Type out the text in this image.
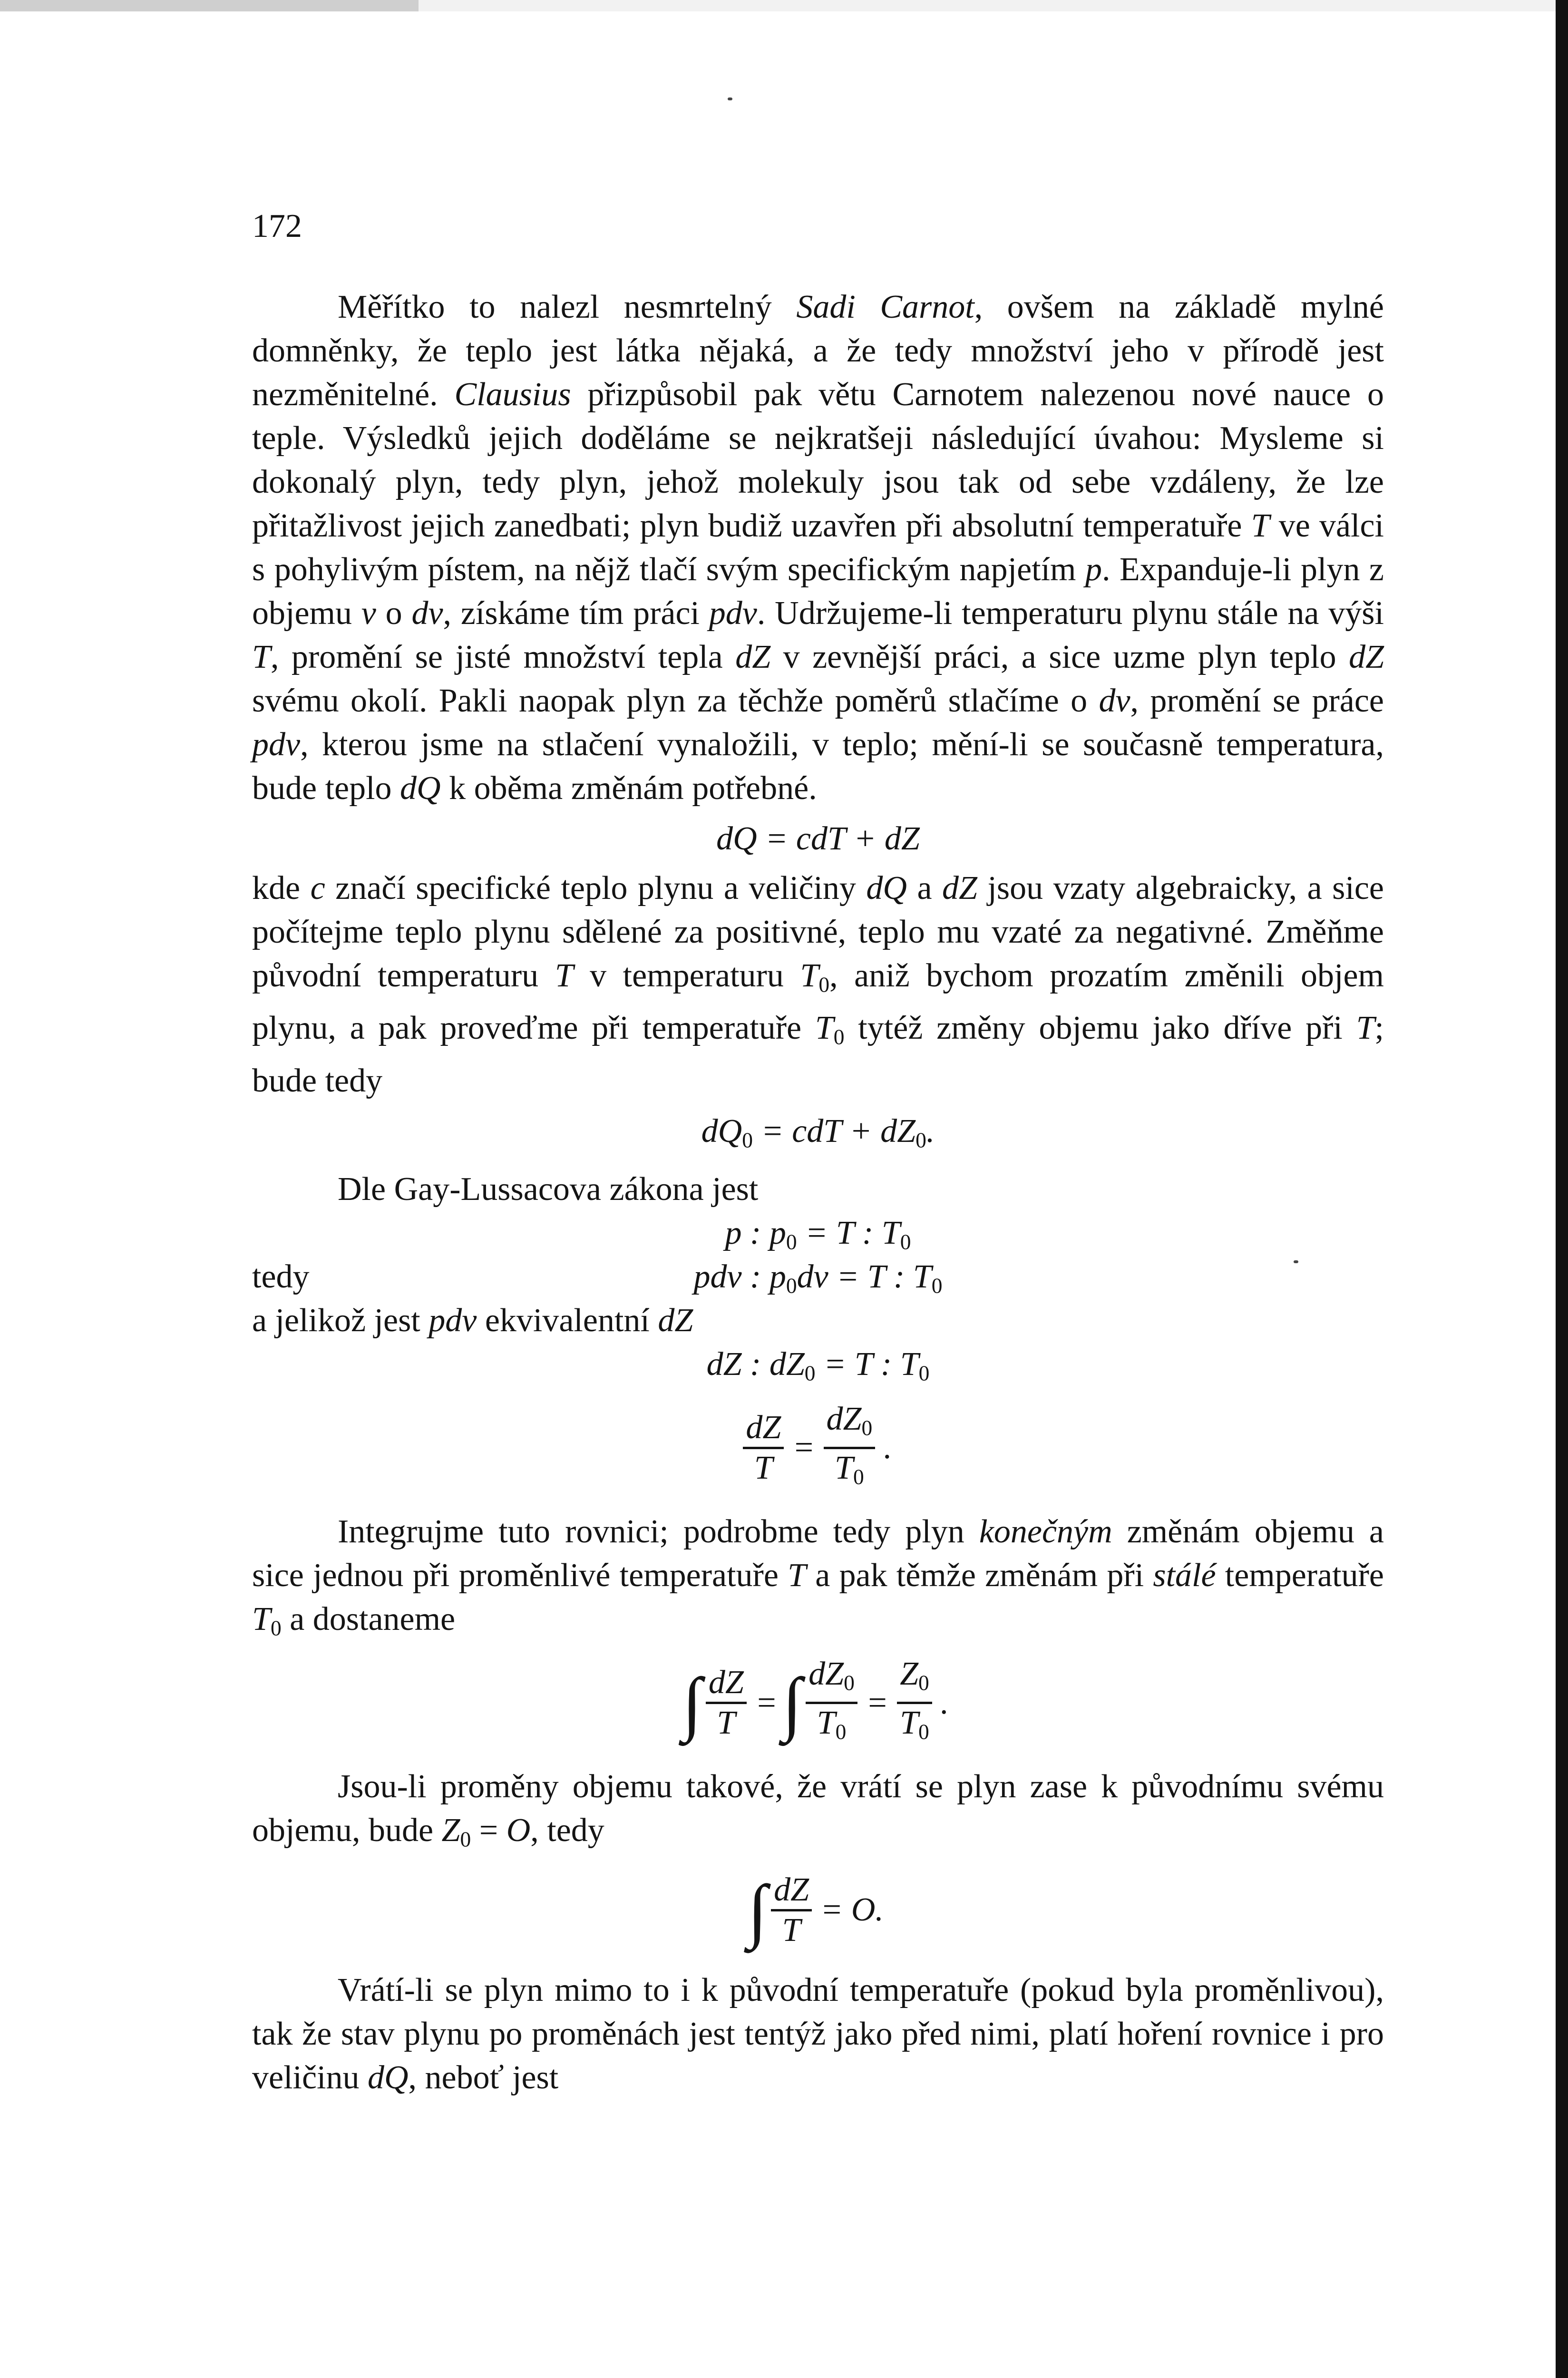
172

Měřítko to nalezl nesmrtelný Sadi Carnot, ovšem na základě mylné domněnky, že teplo jest látka nějaká, a že tedy množství jeho v přírodě jest nezměnitelné. Clausius přizpůsobil pak větu Carnotem nalezenou nové nauce o teple. Výsledků jejich doděláme se nejkratšeji následující úvahou: Mysleme si dokonalý plyn, tedy plyn, jehož molekuly jsou tak od sebe vzdáleny, že lze přitažlivost jejich zanedbati; plyn budiž uzavřen při absolutní temperatuře T ve válci s pohylivým pístem, na nějž tlačí svým specifickým napjetím p. Expanduje-li plyn z objemu v o dv, získáme tím práci pdv. Udržujeme-li temperaturu plynu stále na výši T, promění se jisté množství tepla dZ v zevnější práci, a sice uzme plyn teplo dZ svému okolí. Pakli naopak plyn za těchže poměrů stlačíme o dv, promění se práce pdv, kterou jsme na stlačení vynaložili, v teplo; mění-li se současně temperatura, bude teplo dQ k oběma změnám potřebné.

dQ = cdT + dZ

kde c značí specifické teplo plynu a veličiny dQ a dZ jsou vzaty algebraicky, a sice počítejme teplo plynu sdělené za positivné, teplo mu vzaté za negativné. Změňme původní temperaturu T v temperaturu $T_0$, aniž bychom prozatím změnili objem plynu, a pak proveďme při temperatuře $T_0$ tytéž změny objemu jako dříve při T; bude tedy

$dQ_0$ = cdT + $dZ_0$.

Dle Gay-Lussacova zákona jest

p : $p_0 = T$ : $T_0$
tedy	pdv : $p_0dv = T$ : $T_0$

a jelikož jest pdv ekvivalentní dZ

dZ : $dZ_0 = T$ : $T_0$
$\frac{dZ}{T} = \frac{dZ_0}{T_0}$ .

Integrujme tuto rovnici; podrobme tedy plyn konečným změnám objemu a sice jednou při proměnlivé temperatuře T a pak těmže změnám při stálé temperatuře $T_0$ a dostaneme

∫ $\frac{dZ}{T}$ =∫ $\frac{dZ_0}{T_0} = \frac{Z_0}{T_0}$ .

Jsou-li proměny objemu takové, že vrátí se plyn zase k původnímu svému objemu, bude $Z_0 = O$, tedy

∫ $\frac{dZ}{T} = O$.

Vrátí-li se plyn mimo to i k původní temperatuře (pokud byla proměnlivou), tak že stav plynu po proměnách jest tentýž jako před nimi, platí hoření rovnice i pro veličinu dQ, neboť jest
